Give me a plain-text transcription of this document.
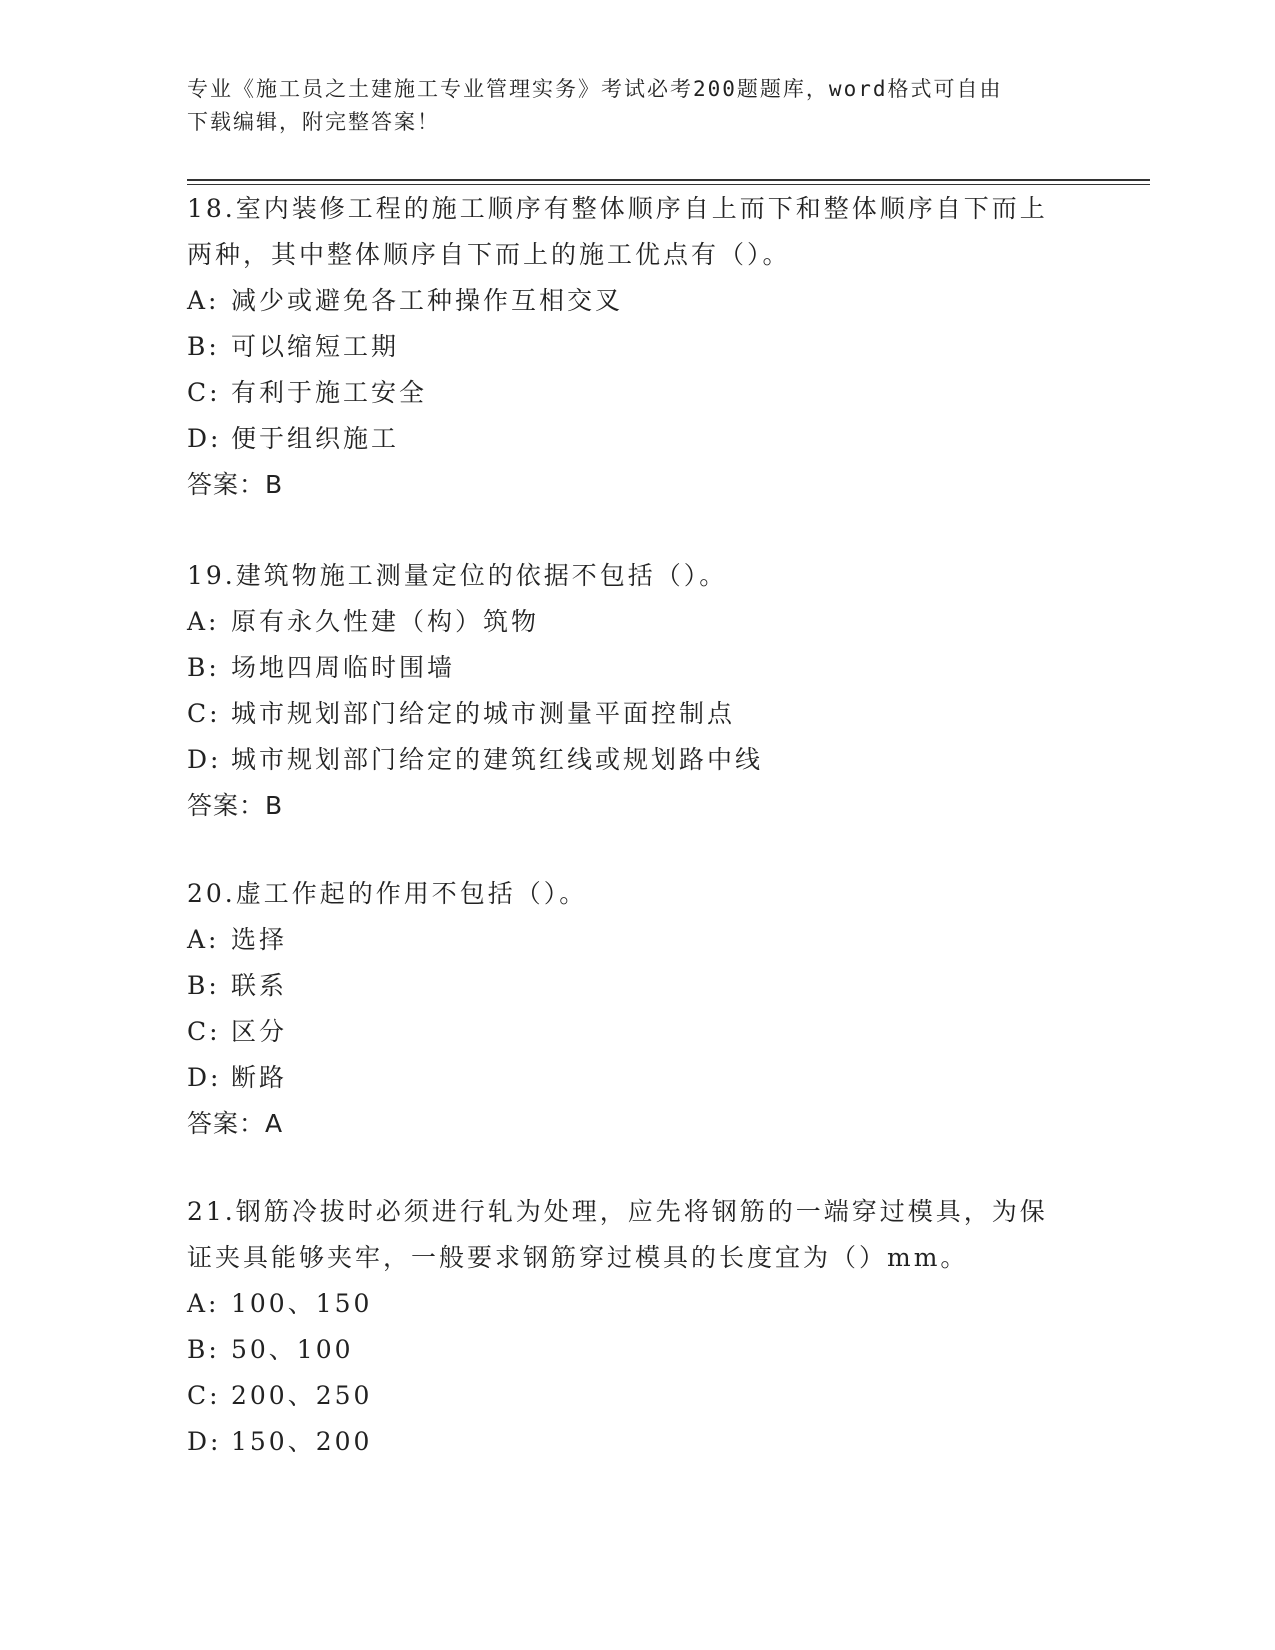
专业《施工员之土建施工专业管理实务》考试必考200题题库，word格式可自由
下载编辑，附完整答案！

18.室内装修工程的施工顺序有整体顺序自上而下和整体顺序自下而上

两种，其中整体顺序自下而上的施工优点有（）。

A: 减少或避免各工种操作互相交叉

B: 可以缩短工期

C: 有利于施工安全

D: 便于组织施工

答案：B

19.建筑物施工测量定位的依据不包括（）。

A: 原有永久性建（构）筑物

B: 场地四周临时围墙

C: 城市规划部门给定的城市测量平面控制点

D: 城市规划部门给定的建筑红线或规划路中线

答案：B

20.虚工作起的作用不包括（）。

A: 选择

B: 联系

C: 区分

D: 断路

答案：A

21.钢筋冷拔时必须进行轧为处理，应先将钢筋的一端穿过模具，为保

证夹具能够夹牢，一般要求钢筋穿过模具的长度宜为（）mm。

A: 100、150

B: 50、100

C: 200、250

D: 150、200
